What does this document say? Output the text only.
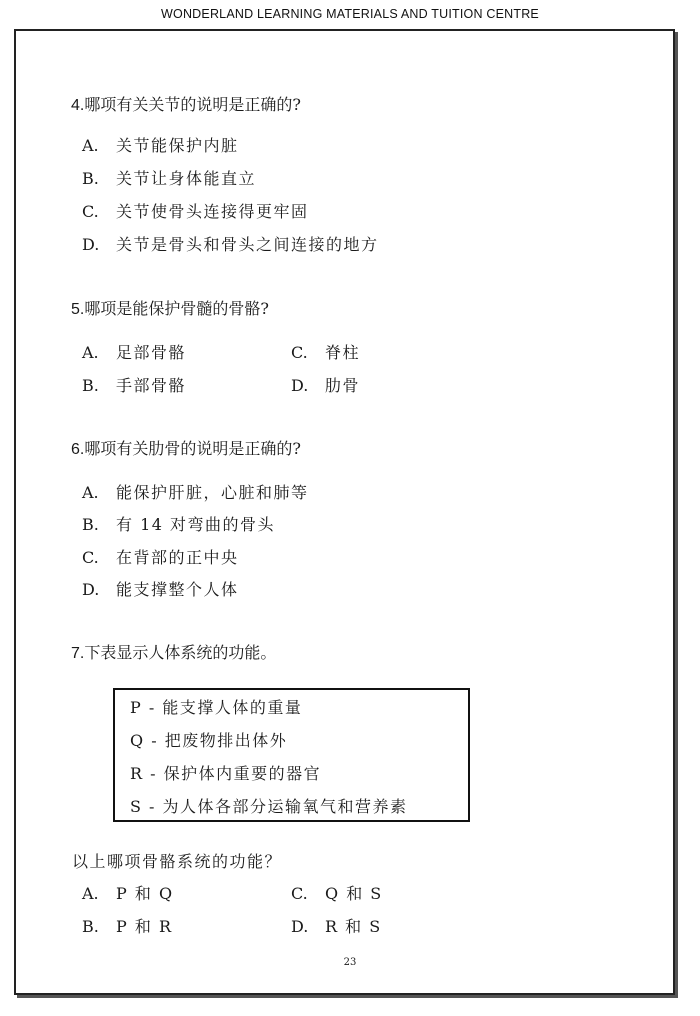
WONDERLAND LEARNING MATERIALS AND TUITION CENTRE
4.哪项有关关节的说明是正确的?
A. 关节能保护内脏
B. 关节让身体能直立
C. 关节使骨头连接得更牢固
D. 关节是骨头和骨头之间连接的地方
5.哪项是能保护骨髓的骨骼?
A. 足部骨骼	C. 脊柱
B. 手部骨骼	D. 肋骨
6.哪项有关肋骨的说明是正确的?
A. 能保护肝脏，心脏和肺等
B. 有 14 对弯曲的骨头
C. 在背部的正中央
D. 能支撑整个人体
7.下表显示人体系统的功能。
P - 能支撑人体的重量
Q - 把废物排出体外
R - 保护体内重要的器官
S - 为人体各部分运输氧气和营养素
以上哪项骨骼系统的功能？
A. P 和 Q	C. Q 和 S
B. P 和 R	D. R 和 S
23
